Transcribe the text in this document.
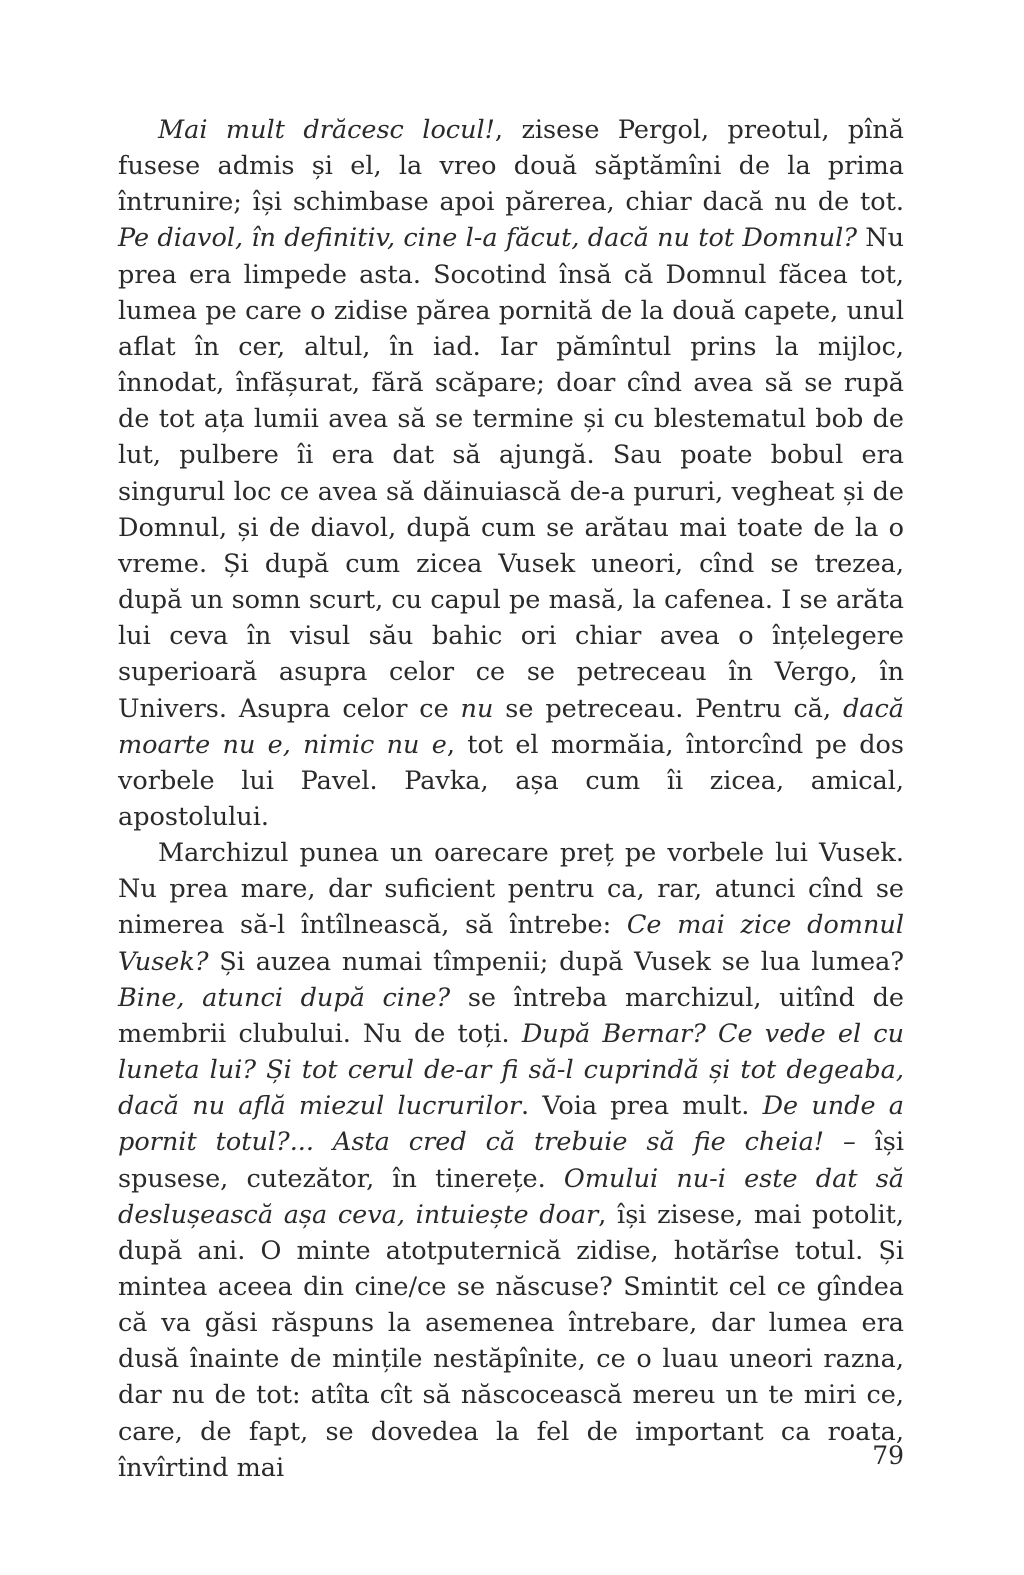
Mai mult drăcesc locul!, zisese Pergol, preotul, pînă fusese admis și el, la vreo două săptămîni de la prima întrunire; își schimbase apoi părerea, chiar dacă nu de tot. Pe diavol, în definitiv, cine l-a făcut, dacă nu tot Domnul? Nu prea era limpede asta. Socotind însă că Domnul făcea tot, lumea pe care o zidise părea pornită de la două capete, unul aflat în cer, altul, în iad. Iar pămîntul prins la mijloc, înnodat, înfășurat, fără scăpare; doar cînd avea să se rupă de tot ața lumii avea să se termine și cu blestematul bob de lut, pulbere îi era dat să ajungă. Sau poate bobul era singurul loc ce avea să dăinuiască de-a pururi, vegheat și de Domnul, și de diavol, după cum se arătau mai toate de la o vreme. Și după cum zicea Vusek uneori, cînd se trezea, după un somn scurt, cu capul pe masă, la cafenea. I se arăta lui ceva în visul său bahic ori chiar avea o înțelegere superioară asupra celor ce se petreceau în Vergo, în Univers. Asupra celor ce nu se petreceau. Pentru că, dacă moarte nu e, nimic nu e, tot el mormăia, întorcînd pe dos vorbele lui Pavel. Pavka, așa cum îi zicea, amical, apostolului.

Marchizul punea un oarecare preț pe vorbele lui Vusek. Nu prea mare, dar suficient pentru ca, rar, atunci cînd se nimerea să-l întîlnească, să întrebe: Ce mai zice domnul Vusek? Și auzea numai tîmpenii; după Vusek se lua lumea? Bine, atunci după cine? se întreba marchizul, uitînd de membrii clubului. Nu de toți. După Bernar? Ce vede el cu luneta lui? Și tot cerul de-ar fi să-l cuprindă și tot degeaba, dacă nu află miezul lucrurilor. Voia prea mult. De unde a pornit totul?... Asta cred că trebuie să fie cheia! – își spusese, cutezător, în tinerețe. Omului nu-i este dat să deslușească așa ceva, intuiește doar, își zisese, mai potolit, după ani. O minte atotputernică zidise, hotărîse totul. Și mintea aceea din cine/ce se născuse? Smintit cel ce gîndea că va găsi răspuns la asemenea întrebare, dar lumea era dusă înainte de mințile nestăpînite, ce o luau uneori razna, dar nu de tot: atîta cît să născocească mereu un te miri ce, care, de fapt, se dovedea la fel de important ca roata, învîrtind mai	79
